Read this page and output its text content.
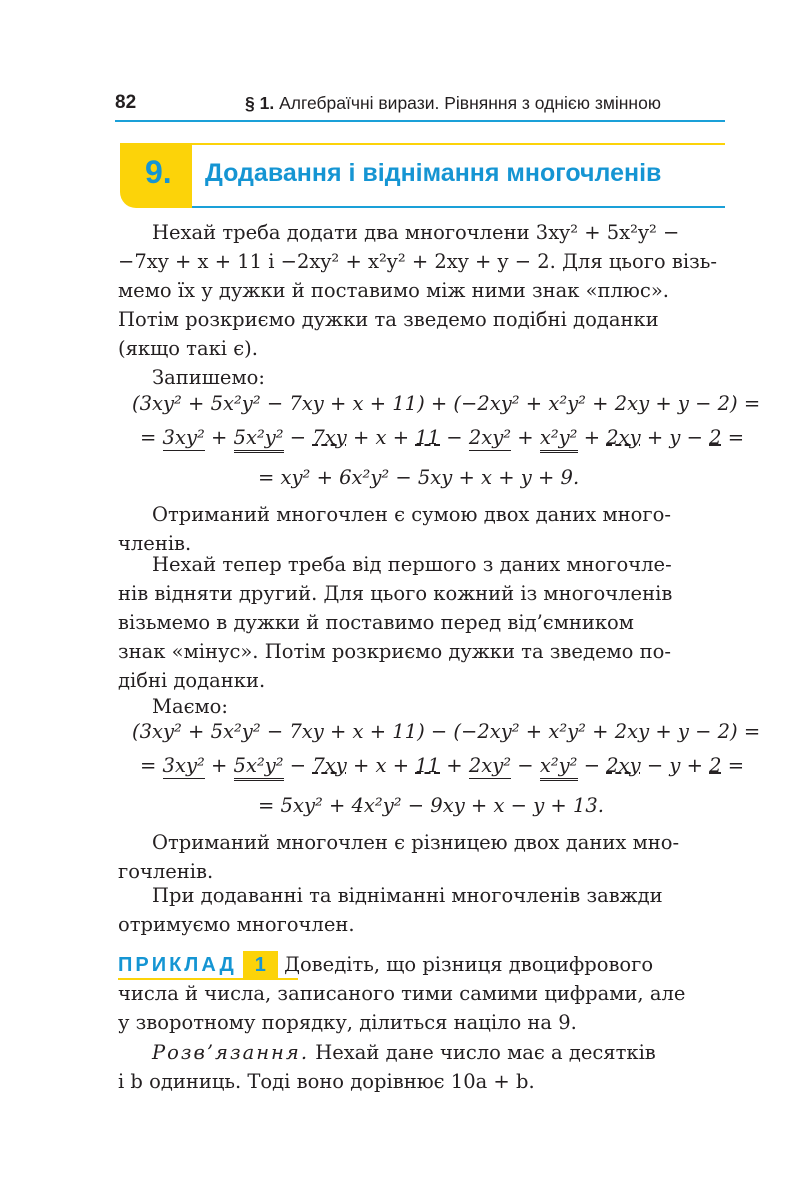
82	§ 1. Алгебраїчні вирази. Рівняння з однією змінною
9. Додавання і віднімання многочленів
Нехай треба додати два многочлени 3xy² + 5x²y² −
−7xy + x + 11 і −2xy² + x²y² + 2xy + y − 2. Для цього візь-
мемо їх у дужки й поставимо між ними знак «плюс».
Потім розкриємо дужки та зведемо подібні доданки
(якщо такі є).
Запишемо:
(3xy² + 5x²y² − 7xy + x + 11) + (−2xy² + x²y² + 2xy + y − 2) =
= 3xy² + 5x²y² − 7xy + x + 11 − 2xy² + x²y² + 2xy + y − 2 =
= xy² + 6x²y² − 5xy + x + y + 9.
Отриманий многочлен є сумою двох даних много-
членів.
Нехай тепер треба від першого з даних многочле-
нів відняти другий. Для цього кожний із многочленів
візьмемо в дужки й поставимо перед від’ємником
знак «мінус». Потім розкриємо дужки та зведемо по-
дібні доданки.
Маємо:
(3xy² + 5x²y² − 7xy + x + 11) − (−2xy² + x²y² + 2xy + y − 2) =
= 3xy² + 5x²y² − 7xy + x + 11 + 2xy² − x²y² − 2xy − y + 2 =
= 5xy² + 4x²y² − 9xy + x − y + 13.
Отриманий многочлен є різницею двох даних мно-
гочленів.
При додаванні та відніманні многочленів завжди
отримуємо многочлен.
ПРИКЛАД 1 Доведіть, що різниця двоцифрового
числа й числа, записаного тими самими цифрами, але
у зворотному порядку, ділиться націло на 9.
Розв’язання. Нехай дане число має a десятків
і b одиниць. Тоді воно дорівнює 10a + b.
